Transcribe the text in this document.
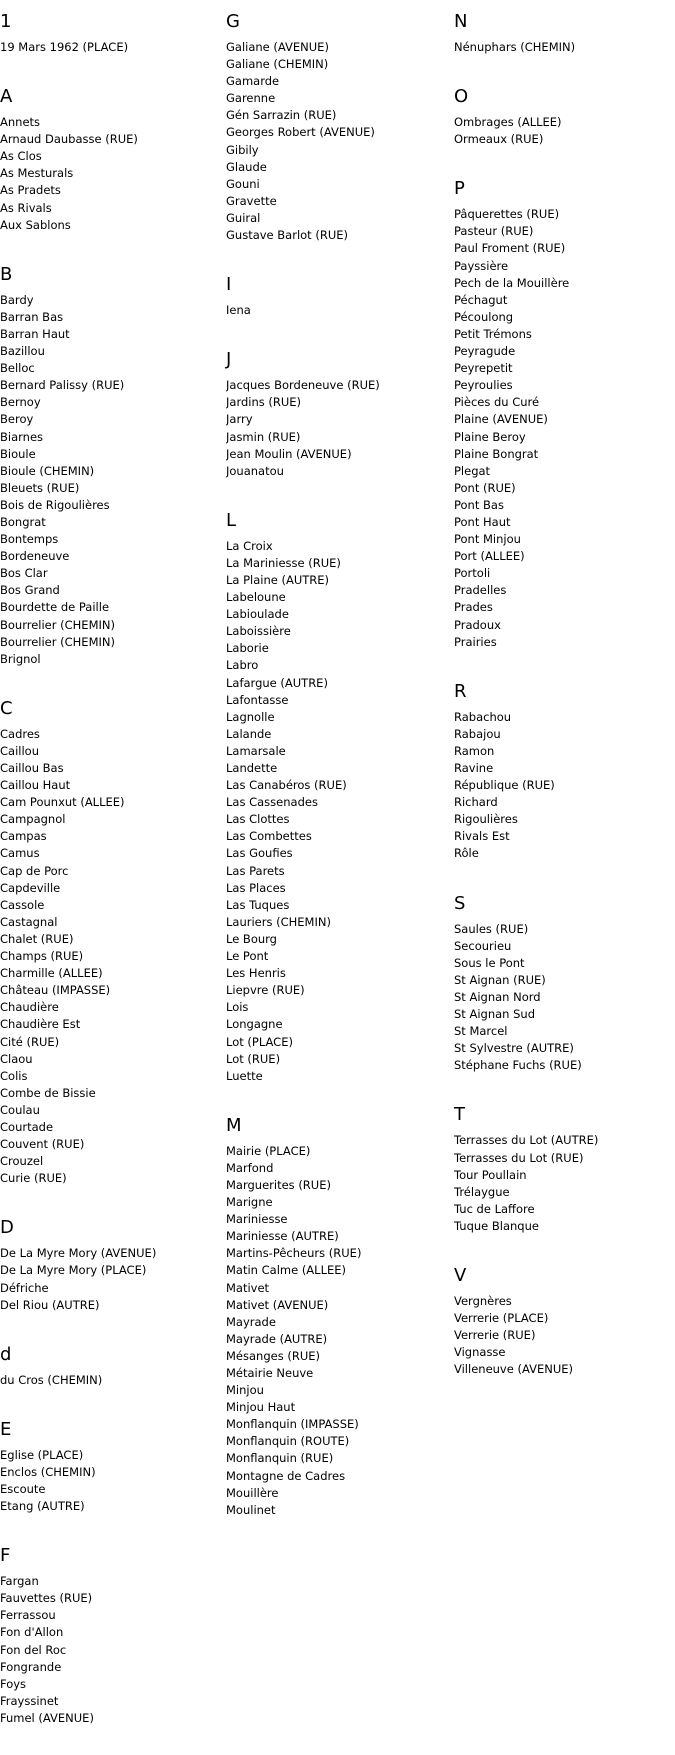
1
19 Mars 1962 (PLACE)
A
Annets
Arnaud Daubasse (RUE)
As Clos
As Mesturals
As Pradets
As Rivals
Aux Sablons
B
Bardy
Barran Bas
Barran Haut
Bazillou
Belloc
Bernard Palissy (RUE)
Bernoy
Beroy
Biarnes
Bioule
Bioule (CHEMIN)
Bleuets (RUE)
Bois de Rigoulières
Bongrat
Bontemps
Bordeneuve
Bos Clar
Bos Grand
Bourdette de Paille
Bourrelier (CHEMIN)
Bourrelier (CHEMIN)
Brignol
C
Cadres
Caillou
Caillou Bas
Caillou Haut
Cam Pounxut (ALLEE)
Campagnol
Campas
Camus
Cap de Porc
Capdeville
Cassole
Castagnal
Chalet (RUE)
Champs (RUE)
Charmille (ALLEE)
Château (IMPASSE)
Chaudière
Chaudière Est
Cité (RUE)
Claou
Colis
Combe de Bissie
Coulau
Courtade
Couvent (RUE)
Crouzel
Curie (RUE)
D
De La Myre Mory (AVENUE)
De La Myre Mory (PLACE)
Défriche
Del Riou (AUTRE)
d
du Cros (CHEMIN)
E
Eglise (PLACE)
Enclos (CHEMIN)
Escoute
Etang (AUTRE)
F
Fargan
Fauvettes (RUE)
Ferrassou
Fon d'Allon
Fon del Roc
Fongrande
Foys
Frayssinet
Fumel (AVENUE)
G
Galiane (AVENUE)
Galiane (CHEMIN)
Gamarde
Garenne
Gén Sarrazin (RUE)
Georges Robert (AVENUE)
Gibily
Glaude
Gouni
Gravette
Guiral
Gustave Barlot (RUE)
I
Iena
J
Jacques Bordeneuve (RUE)
Jardins (RUE)
Jarry
Jasmin (RUE)
Jean Moulin (AVENUE)
Jouanatou
L
La Croix
La Mariniesse (RUE)
La Plaine (AUTRE)
Labeloune
Labioulade
Laboissière
Laborie
Labro
Lafargue (AUTRE)
Lafontasse
Lagnolle
Lalande
Lamarsale
Landette
Las Canabéros (RUE)
Las Cassenades
Las Clottes
Las Combettes
Las Goufies
Las Parets
Las Places
Las Tuques
Lauriers (CHEMIN)
Le Bourg
Le Pont
Les Henris
Liepvre (RUE)
Lois
Longagne
Lot (PLACE)
Lot (RUE)
Luette
M
Mairie (PLACE)
Marfond
Marguerites (RUE)
Marigne
Mariniesse
Mariniesse (AUTRE)
Martins-Pêcheurs (RUE)
Matin Calme (ALLEE)
Mativet
Mativet (AVENUE)
Mayrade
Mayrade (AUTRE)
Mésanges (RUE)
Métairie Neuve
Minjou
Minjou Haut
Monflanquin (IMPASSE)
Monflanquin (ROUTE)
Monflanquin (RUE)
Montagne de Cadres
Mouillère
Moulinet
N
Nénuphars (CHEMIN)
O
Ombrages (ALLEE)
Ormeaux (RUE)
P
Pâquerettes (RUE)
Pasteur (RUE)
Paul Froment (RUE)
Payssière
Pech de la Mouillère
Péchagut
Pécoulong
Petit Trémons
Peyragude
Peyrepetit
Peyroulies
Pièces du Curé
Plaine (AVENUE)
Plaine Beroy
Plaine Bongrat
Plegat
Pont (RUE)
Pont Bas
Pont Haut
Pont Minjou
Port (ALLEE)
Portoli
Pradelles
Prades
Pradoux
Prairies
R
Rabachou
Rabajou
Ramon
Ravine
République (RUE)
Richard
Rigoulières
Rivals Est
Rôle
S
Saules (RUE)
Secourieu
Sous le Pont
St Aignan (RUE)
St Aignan Nord
St Aignan Sud
St Marcel
St Sylvestre (AUTRE)
Stéphane Fuchs (RUE)
T
Terrasses du Lot (AUTRE)
Terrasses du Lot (RUE)
Tour Poullain
Trélaygue
Tuc de Laffore
Tuque Blanque
V
Vergnères
Verrerie (PLACE)
Verrerie (RUE)
Vignasse
Villeneuve (AVENUE)
